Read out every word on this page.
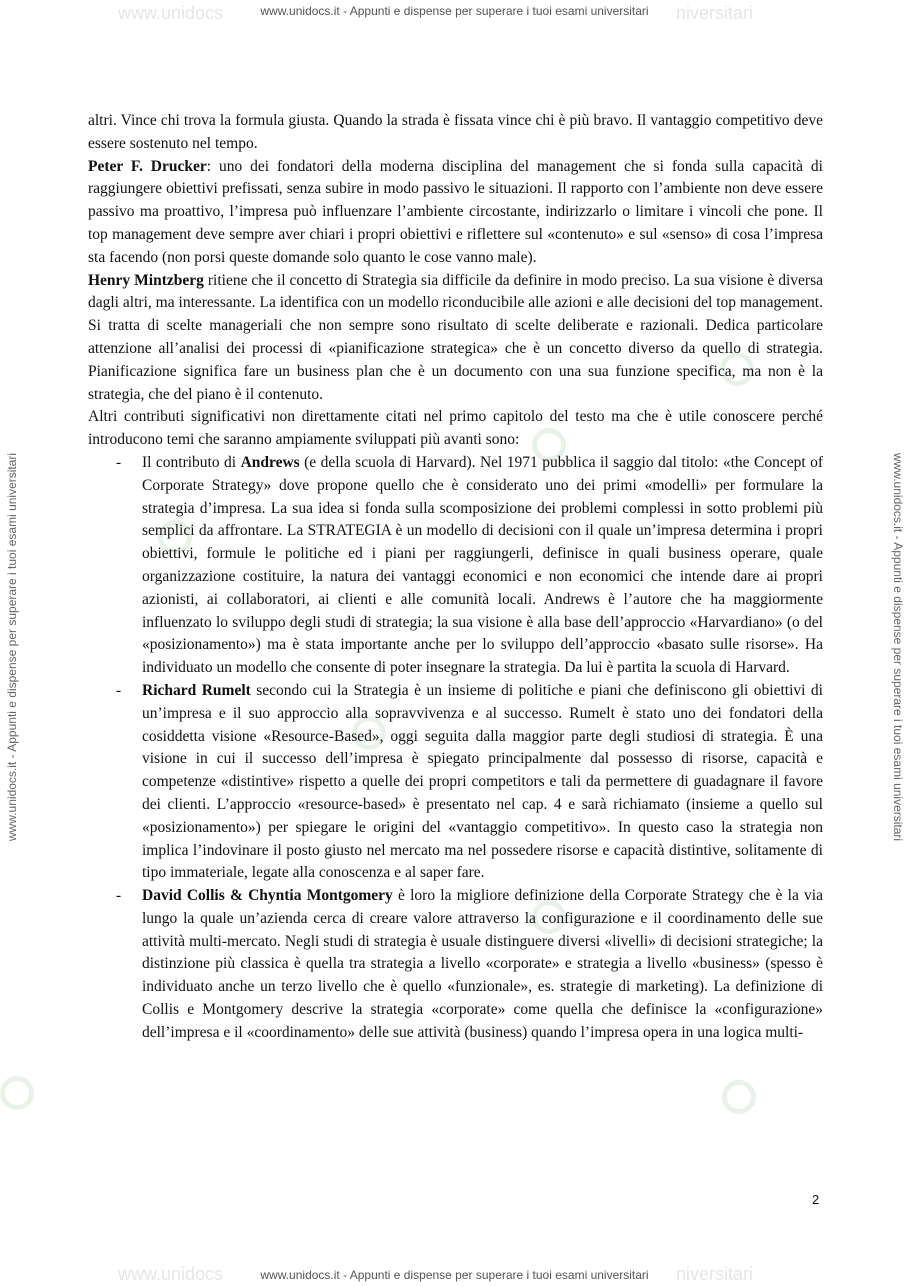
www.unidocs	niversitari
www.unidocs.it - Appunti e dispense per superare i tuoi esami universitari
www.unidocs	niversitari
www.unidocs.it - Appunti e dispense per superare i tuoi esami universitari
www.unidocs.it - Appunti e dispense per superare i tuoi esami universitari	www.unidocs.it - Appunti e dispense per superare i tuoi esami universitari

altri. Vince chi trova la formula giusta. Quando la strada è fissata vince chi è più bravo. Il vantaggio competitivo deve essere sostenuto nel tempo.

Peter F. Drucker: uno dei fondatori della moderna disciplina del management che si fonda sulla capacità di raggiungere obiettivi prefissati, senza subire in modo passivo le situazioni. Il rapporto con l’ambiente non deve essere passivo ma proattivo, l’impresa può influenzare l’ambiente circostante, indirizzarlo o limitare i vincoli che pone. Il top management deve sempre aver chiari i propri obiettivi e riflettere sul «contenuto» e sul «senso» di cosa l’impresa sta facendo (non porsi queste domande solo quanto le cose vanno male).

Henry Mintzberg ritiene che il concetto di Strategia sia difficile da definire in modo preciso. La sua visione è diversa dagli altri, ma interessante. La identifica con un modello riconducibile alle azioni e alle decisioni del top management. Si tratta di scelte manageriali che non sempre sono risultato di scelte deliberate e razionali. Dedica particolare attenzione all’analisi dei processi di «pianificazione strategica» che è un concetto diverso da quello di strategia. Pianificazione significa fare un business plan che è un documento con una sua funzione specifica, ma non è la strategia, che del piano è il contenuto.

Altri contributi significativi non direttamente citati nel primo capitolo del testo ma che è utile conoscere perché introducono temi che saranno ampiamente sviluppati più avanti sono:

- Il contributo di Andrews (e della scuola di Harvard). Nel 1971 pubblica il saggio dal titolo: «the Concept of Corporate Strategy» dove propone quello che è considerato uno dei primi «modelli» per formulare la strategia d’impresa. La sua idea si fonda sulla scomposizione dei problemi complessi in sotto problemi più semplici da affrontare. La STRATEGIA è un modello di decisioni con il quale un’impresa determina i propri obiettivi, formule le politiche ed i piani per raggiungerli, definisce in quali business operare, quale organizzazione costituire, la natura dei vantaggi economici e non economici che intende dare ai propri azionisti, ai collaboratori, ai clienti e alle comunità locali. Andrews è l’autore che ha maggiormente influenzato lo sviluppo degli studi di strategia; la sua visione è alla base dell’approccio «Harvardiano» (o del «posizionamento») ma è stata importante anche per lo sviluppo dell’approccio «basato sulle risorse». Ha individuato un modello che consente di poter insegnare la strategia. Da lui è partita la scuola di Harvard.
- Richard Rumelt secondo cui la Strategia è un insieme di politiche e piani che definiscono gli obiettivi di un’impresa e il suo approccio alla sopravvivenza e al successo. Rumelt è stato uno dei fondatori della cosiddetta visione «Resource-Based», oggi seguita dalla maggior parte degli studiosi di strategia. È una visione in cui il successo dell’impresa è spiegato principalmente dal possesso di risorse, capacità e competenze «distintive» rispetto a quelle dei propri competitors e tali da permettere di guadagnare il favore dei clienti. L’approccio «resource-based» è presentato nel cap. 4 e sarà richiamato (insieme a quello sul «posizionamento») per spiegare le origini del «vantaggio competitivo». In questo caso la strategia non implica l’indovinare il posto giusto nel mercato ma nel possedere risorse e capacità distintive, solitamente di tipo immateriale, legate alla conoscenza e al saper fare.
- David Collis & Chyntia Montgomery è loro la migliore definizione della Corporate Strategy che è la via lungo la quale un’azienda cerca di creare valore attraverso la configurazione e il coordinamento delle sue attività multi-mercato. Negli studi di strategia è usuale distinguere diversi «livelli» di decisioni strategiche; la distinzione più classica è quella tra strategia a livello «corporate» e strategia a livello «business» (spesso è individuato anche un terzo livello che è quello «funzionale», es. strategie di marketing). La definizione di Collis e Montgomery descrive la strategia «corporate» come quella che definisce la «configurazione» dell’impresa e il «coordinamento» delle sue attività (business) quando l’impresa opera in una logica multi-
2
